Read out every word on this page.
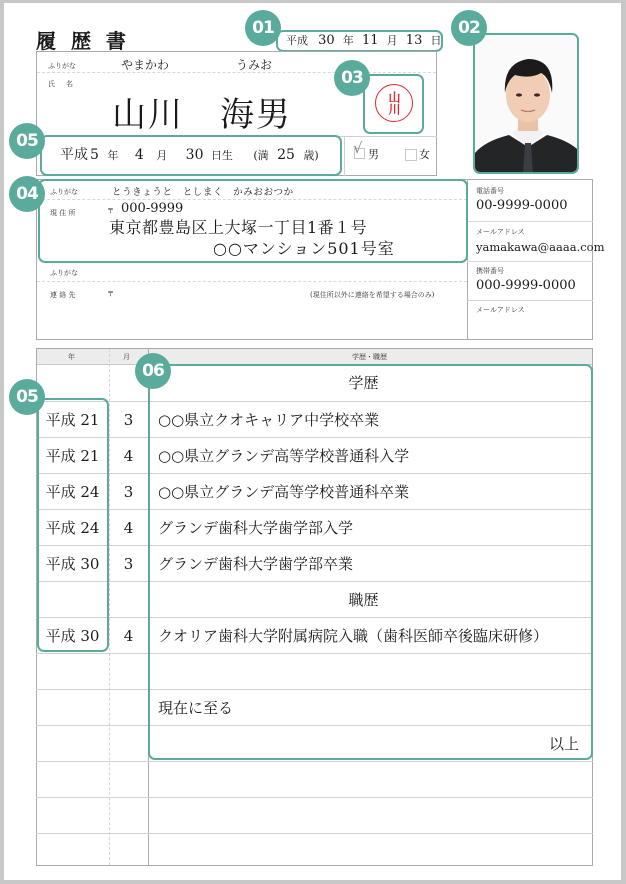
履 歴 書
01
平成 30 年 11 月 13 日
ふりがな	やまかわ	うみお
氏　名
山川 海男
03
山川
05
平成 5 年 4 月 30 日生 (満 25 歳)	√ 男	女
02
04	ふりがな	とうきょうと　としまく　かみおおつか
現 住 所	〒 000-9999
東京都豊島区上大塚一丁目1番１号
○○マンション501号室
ふりがな
連 絡 先	〒	(現住所以外に連絡を希望する場合のみ)
電話番号
00-9999-0000
メールアドレス
yamakawa@aaaa.com
携帯番号
000-9999-0000
メールアドレス
年	月	学歴・職歴
学歴
平成 21	3	○○県立クオキャリア中学校卒業
平成 21	4	○○県立グランデ高等学校普通科入学
平成 24	3	○○県立グランデ高等学校普通科卒業
平成 24	4	グランデ歯科大学歯学部入学
平成 30	3	グランデ歯科大学歯学部卒業
職歴
平成 30	4	クオリア歯科大学附属病院入職（歯科医師卒後臨床研修）
現在に至る
以上
05
06
